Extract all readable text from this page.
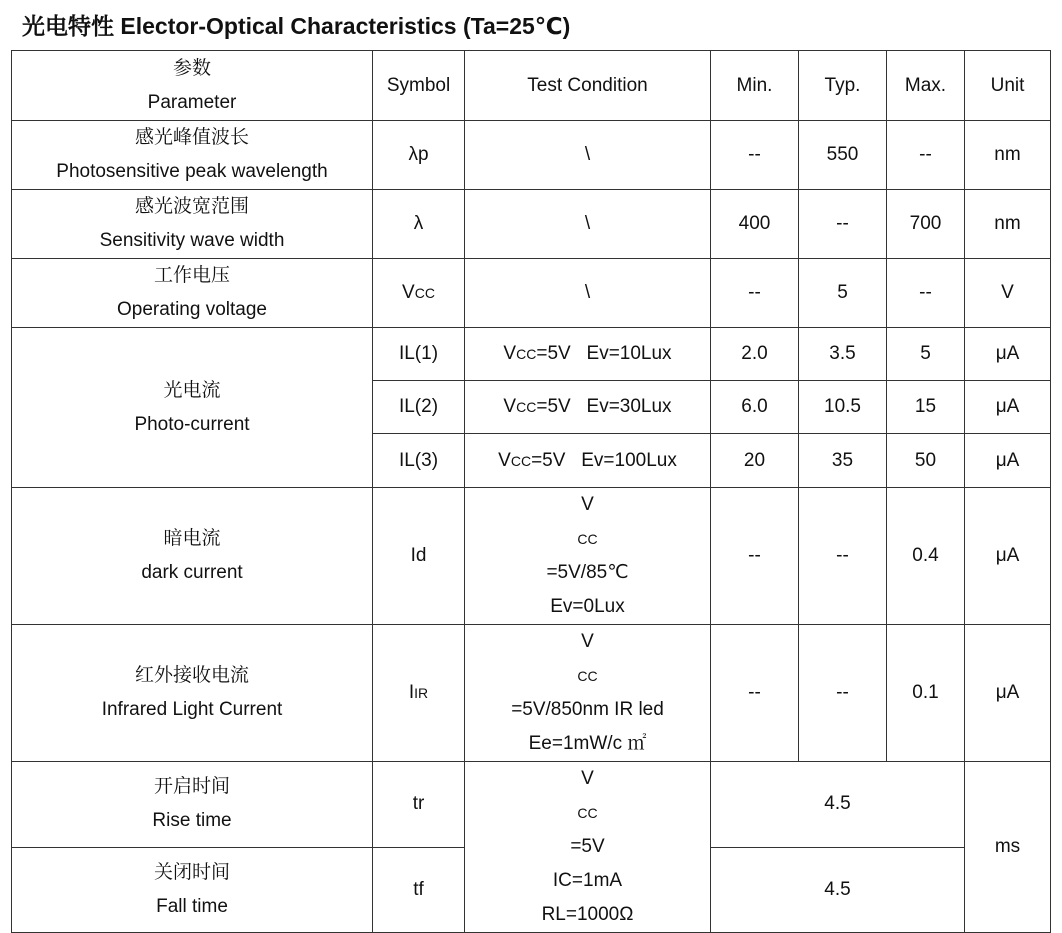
光电特性 Elector-Optical Characteristics (Ta=25℃)
参数
Parameter	Symbol	Test Condition	Min.	Typ.	Max.	Unit

感光峰值波长
Photosensitive peak wavelength	λp	\	--	550	--	nm

感光波宽范围
Sensitivity wave width	λ	\	400	--	700	nm

工作电压
Operating voltage	VCC	\	--	5	--	V

光电流
Photo-current	IL(1)	VCC=5V   Ev=10Lux	2.0	3.5	5	μA
	IL(2)	VCC=5V   Ev=30Lux	6.0	10.5	15	μA
	IL(3)	VCC=5V   Ev=100Lux	20	35	50	μA

暗电流
dark current	Id	V
CC
=5V/85℃
Ev=0Lux	--	--	0.4	μA

红外接收电流
Infrared Light Current	IIR	V
CC
=5V/850nm IR led
Ee=1mW/c ㎡	--	--	0.1	μA

开启时间
Rise time	tr	V
CC
=5V
IC=1mA
RL=1000Ω	4.5			ms

关闭时间
Fall time	tf		4.5			
